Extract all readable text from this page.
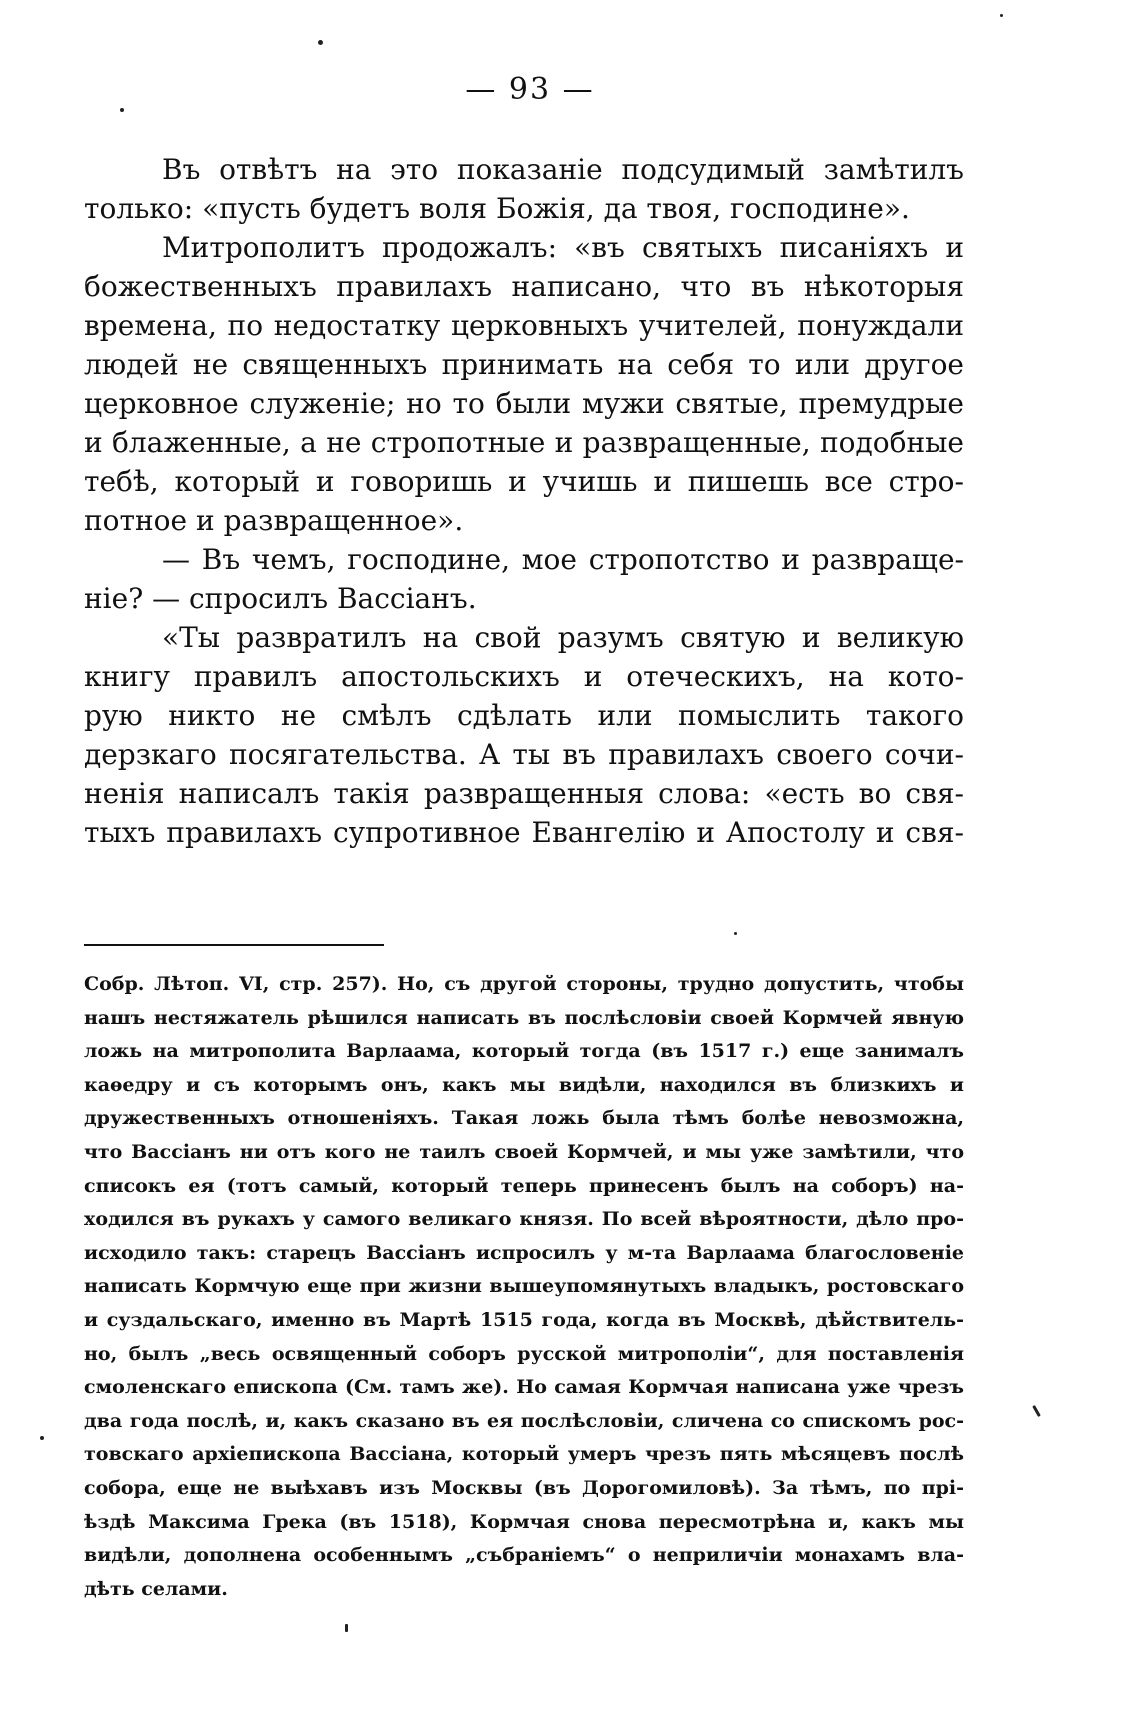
— 93 —
Въ отвѣтъ на это показаніе подсудимый замѣтилъ
только: «пусть будетъ воля Божія, да твоя, господине».
Митрополитъ продожалъ: «въ святыхъ писаніяхъ и
божественныхъ правилахъ написано, что въ нѣкоторыя
времена, по недостатку церковныхъ учителей, понуждали
людей не священныхъ принимать на себя то или другое
церковное служеніе; но то были мужи святые, премудрые
и блаженные, а не стропотные и развращенные, подобные
тебѣ, который и говоришь и учишь и пишешь все стро-
потное и развращенное».
— Въ чемъ, господине, мое стропотство и развраще-
ніе? — спросилъ Вассіанъ.
«Ты развратилъ на свой разумъ святую и великую
книгу правилъ апостольскихъ и отеческихъ, на кото-
рую никто не смѣлъ сдѣлать или помыслить такого
дерзкаго посягательства. А ты въ правилахъ своего сочи-
ненія написалъ такія развращенныя слова: «есть во свя-
тыхъ правилахъ супротивное Евангелію и Апостолу и свя-
Собр. Лѣтоп. VI, стр. 257). Но, съ другой стороны, трудно допустить, чтобы
нашъ нестяжатель рѣшился написать въ послѣсловіи своей Кормчей явную
ложь на митрополита Варлаама, который тогда (въ 1517 г.) еще занималъ
каѳедру и съ которымъ онъ, какъ мы видѣли, находился въ близкихъ и
дружественныхъ отношеніяхъ. Такая ложь была тѣмъ болѣе невозможна,
что Вассіанъ ни отъ кого не таилъ своей Кормчей, и мы уже замѣтили, что
списокъ ея (тотъ самый, который теперь принесенъ былъ на соборъ) на-
ходился въ рукахъ у самого великаго князя. По всей вѣроятности, дѣло про-
исходило такъ: старецъ Вассіанъ испросилъ у м-та Варлаама благословеніе
написать Кормчую еще при жизни вышеупомянутыхъ владыкъ, ростовскаго
и суздальскаго, именно въ Мартѣ 1515 года, когда въ Москвѣ, дѣйствитель-
но, былъ „весь освященный соборъ русской митрополіи“, для поставленія
смоленскаго епископа (См. тамъ же). Но самая Кормчая написана уже чрезъ
два года послѣ, и, какъ сказано въ ея послѣсловіи, сличена со спискомъ рос-
товскаго архіепископа Вассіана, который умеръ чрезъ пять мѣсяцевъ послѣ
собора, еще не выѣхавъ изъ Москвы (въ Дорогомиловѣ). За тѣмъ, по прі-
ѣздѣ Максима Грека (въ 1518), Кормчая снова пересмотрѣна и, какъ мы
видѣли, дополнена особеннымъ „събраніемъ“ о неприличіи монахамъ вла-
дѣть селами.
